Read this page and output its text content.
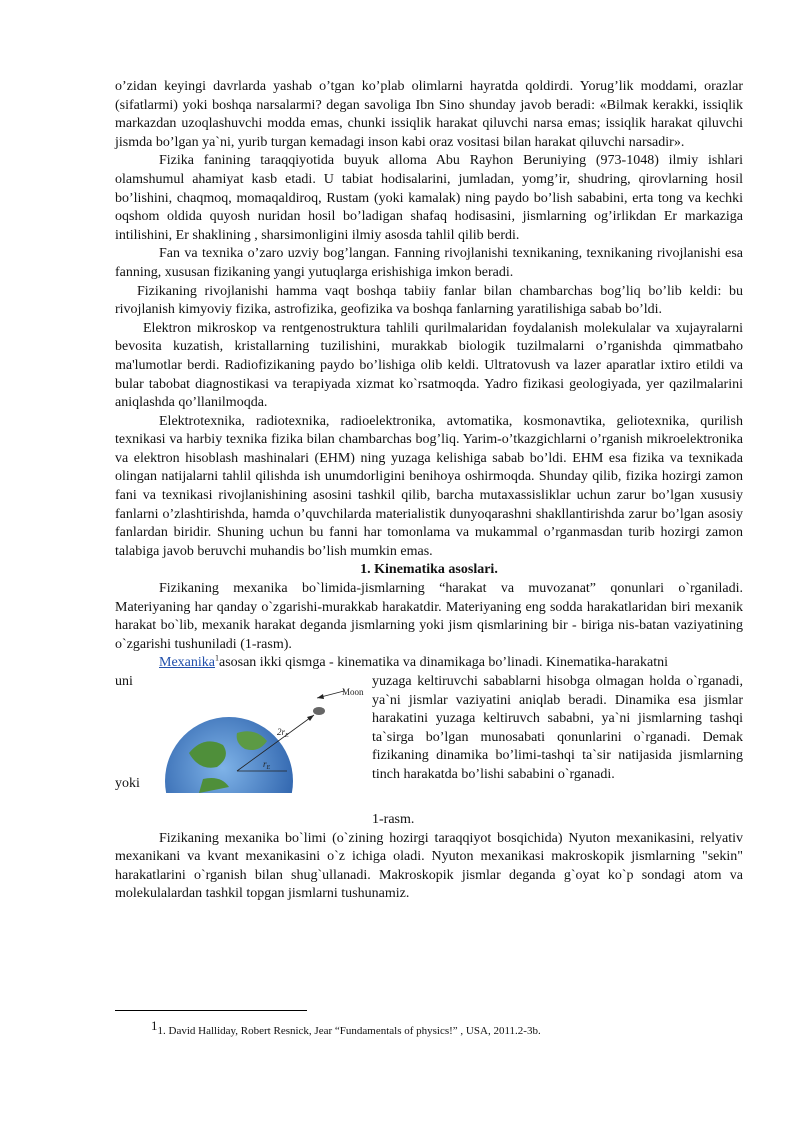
o’zidan keyingi davrlarda yashab o’tgan ko’plab olimlarni hayratda qoldirdi. Yorug’lik moddami, orazlar (sifatlarmi) yoki boshqa narsalarmi? degan savoliga Ibn Sino shunday javob beradi: «Bilmak kerakki, issiqlik markazdan uzoqlashuvchi modda emas, chunki issiqlik harakat qiluvchi narsa emas; issiqlik harakat qiluvchi jismda bo’lgan ya`ni, yurib turgan kemadagi inson kabi oraz vositasi bilan harakat qiluvchi narsadir».

Fizika fanining taraqqiyotida buyuk alloma Abu Rayhon Beruniying (973-1048) ilmiy ishlari olamshumul ahamiyat kasb etadi. U tabiat hodisalarini, jumladan, yomg’ir, shudring, qirovlarning hosil bo’lishini, chaqmoq, momaqaldiroq, Rustam (yoki kamalak) ning paydo bo’lish sababini, erta tong va kechki oqshom oldida quyosh nuridan hosil bo’ladigan shafaq hodisasini, jismlarning og’irlikdan Er markaziga intilishini, Er shaklining , sharsimonligini ilmiy asosda tahlil qilib berdi.

Fan va texnika o’zaro uzviy bog’langan. Fanning rivojlanishi texnikaning, texnikaning rivojlanishi esa fanning, xususan fizikaning yangi yutuqlarga erishishiga imkon beradi.

Fizikaning rivojlanishi hamma vaqt boshqa tabiiy fanlar bilan chambarchas bog’liq bo’lib keldi: bu rivojlanish kimyoviy fizika, astrofizika, geofizika va boshqa fanlarning yaratilishiga sabab bo’ldi.

Elektron mikroskop va rentgenostruktura tahlili qurilmalaridan foydalanish molekulalar va xujayralarni bevosita kuzatish, kristallarning tuzilishini, murakkab biologik tuzilmalarni o’rganishda qimmatbaho ma'lumotlar berdi. Radiofizikaning paydo bo’lishiga olib keldi. Ultratovush va lazer aparatlar ixtiro etildi va bular tabobat diagnostikasi va terapiyada xizmat ko`rsatmoqda. Yadro fizikasi geologiyada, yer qazilmalarini aniqlashda qo’llanilmoqda.

Elektrotexnika, radiotexnika, radioelektronika, avtomatika, kosmonavtika, geliotexnika, qurilish texnikasi va harbiy texnika fizika bilan chambarchas bog’liq. Yarim-o’tkazgichlarni o’rganish mikroelektronika va elektron hisoblash mashinalari (EHM) ning yuzaga kelishiga sabab bo’ldi. EHM esa fizika va texnikada olingan natijalarni tahlil qilishda ish unumdorligini benihoya oshirmoqda. Shunday qilib, fizika hozirgi zamon fani va texnikasi rivojlanishining asosini tashkil qilib, barcha mutaxassisliklar uchun zarur bo’lgan xususiy fanlarni o’zlashtirishda, hamda o’quvchilarda materialistik dunyoqarashni shakllantirishda zarur bo’lgan asosiy fanlardan biridir. Shuning uchun bu fanni har tomonlama va mukammal o’rganmasdan turib hozirgi zamon talabiga javob beruvchi muhandis bo’lish mumkin emas.

1. Kinematika asoslari.

Fizikaning mexanika bo`limida-jismlarning “harakat va muvozanat” qonunlari o`rganiladi. Materiyaning har qanday o`zgarishi-murakkab harakatdir. Materiyaning eng sodda harakatlaridan biri mexanik harakat bo`lib, mexanik harakat deganda jismlarning yoki jism qismlarining bir - biriga nis-batan vaziyatining o`zgarishi tushuniladi (1-rasm).

Mexanika$^1$asosan ikki qismga - kinematika va dinamikaga bo’linadi. Kinematika-harakatni

uni
yoki
Moon
$2r_E$
$r_E$
yuzaga keltiruvchi sabablarni hisobga olmagan holda o`rganadi, ya`ni jismlar vaziyatini aniqlab beradi. Dinamika esa jismlar harakatini yuzaga keltiruvch sababni, ya`ni jismlarning tashqi ta`sirga bo’lgan munosabati qonunlarini o`rganadi. Demak fizikaning dinamika bo’limi-tashqi ta`sir natijasida jismlarning tinch harakatda bo’lishi sababini o`rganadi.

1-rasm.

Fizikaning mexanika bo`limi (o`zining hozirgi taraqqiyot bosqichida) Nyuton mexanikasini, relyativ mexanikani va kvant mexanikasini o`z ichiga oladi. Nyuton mexanikasi makroskopik jismlarning "sekin" harakatlarini o`rganish bilan shug`ullanadi. Makroskopik jismlar deganda g`oyat ko`p sondagi atom va molekulalardan tashkil topgan jismlarni tushunamiz.

11. David Halliday, Robert Resnick, Jear “Fundamentals of physics!” , USA, 2011.2-3b.
